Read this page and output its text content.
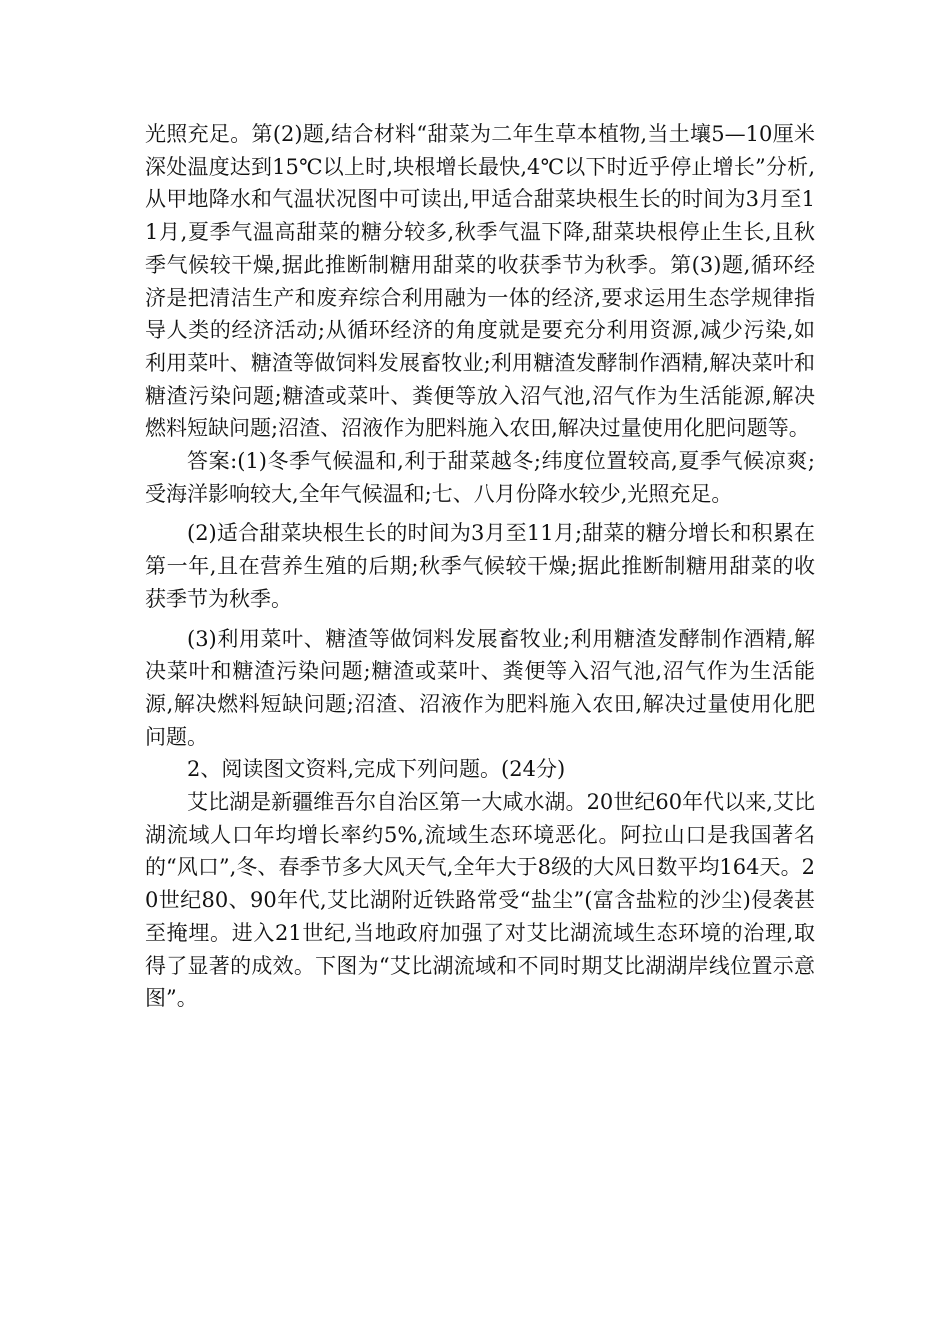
光照充足。第(2)题,结合材料“甜菜为二年生草本植物,当土壤5—10厘米深处温度达到15℃以上时,块根增长最快,4℃以下时近乎停止增长”分析,从甲地降水和气温状况图中可读出,甲适合甜菜块根生长的时间为3月至11月,夏季气温高甜菜的糖分较多,秋季气温下降,甜菜块根停止生长,且秋季气候较干燥,据此推断制糖用甜菜的收获季节为秋季。第(3)题,循环经济是把清洁生产和废弃综合利用融为一体的经济,要求运用生态学规律指导人类的经济活动;从循环经济的角度就是要充分利用资源,减少污染,如利用菜叶、糖渣等做饲料发展畜牧业;利用糖渣发酵制作酒精,解决菜叶和糖渣污染问题;糖渣或菜叶、粪便等放入沼气池,沼气作为生活能源,解决燃料短缺问题;沼渣、沼液作为肥料施入农田,解决过量使用化肥问题等。

答案:(1)冬季气候温和,利于甜菜越冬;纬度位置较高,夏季气候凉爽;受海洋影响较大,全年气候温和;七、八月份降水较少,光照充足。

(2)适合甜菜块根生长的时间为3月至11月;甜菜的糖分增长和积累在第一年,且在营养生殖的后期;秋季气候较干燥;据此推断制糖用甜菜的收获季节为秋季。

(3)利用菜叶、糖渣等做饲料发展畜牧业;利用糖渣发酵制作酒精,解决菜叶和糖渣污染问题;糖渣或菜叶、粪便等入沼气池,沼气作为生活能源,解决燃料短缺问题;沼渣、沼液作为肥料施入农田,解决过量使用化肥问题。

2、阅读图文资料,完成下列问题。(24分)

艾比湖是新疆维吾尔自治区第一大咸水湖。20世纪60年代以来,艾比湖流域人口年均增长率约5%,流域生态环境恶化。阿拉山口是我国著名的“风口”,冬、春季节多大风天气,全年大于8级的大风日数平均164天。20世纪80、90年代,艾比湖附近铁路常受“盐尘”(富含盐粒的沙尘)侵袭甚至掩埋。进入21世纪,当地政府加强了对艾比湖流域生态环境的治理,取得了显著的成效。下图为“艾比湖流域和不同时期艾比湖湖岸线位置示意图”。
